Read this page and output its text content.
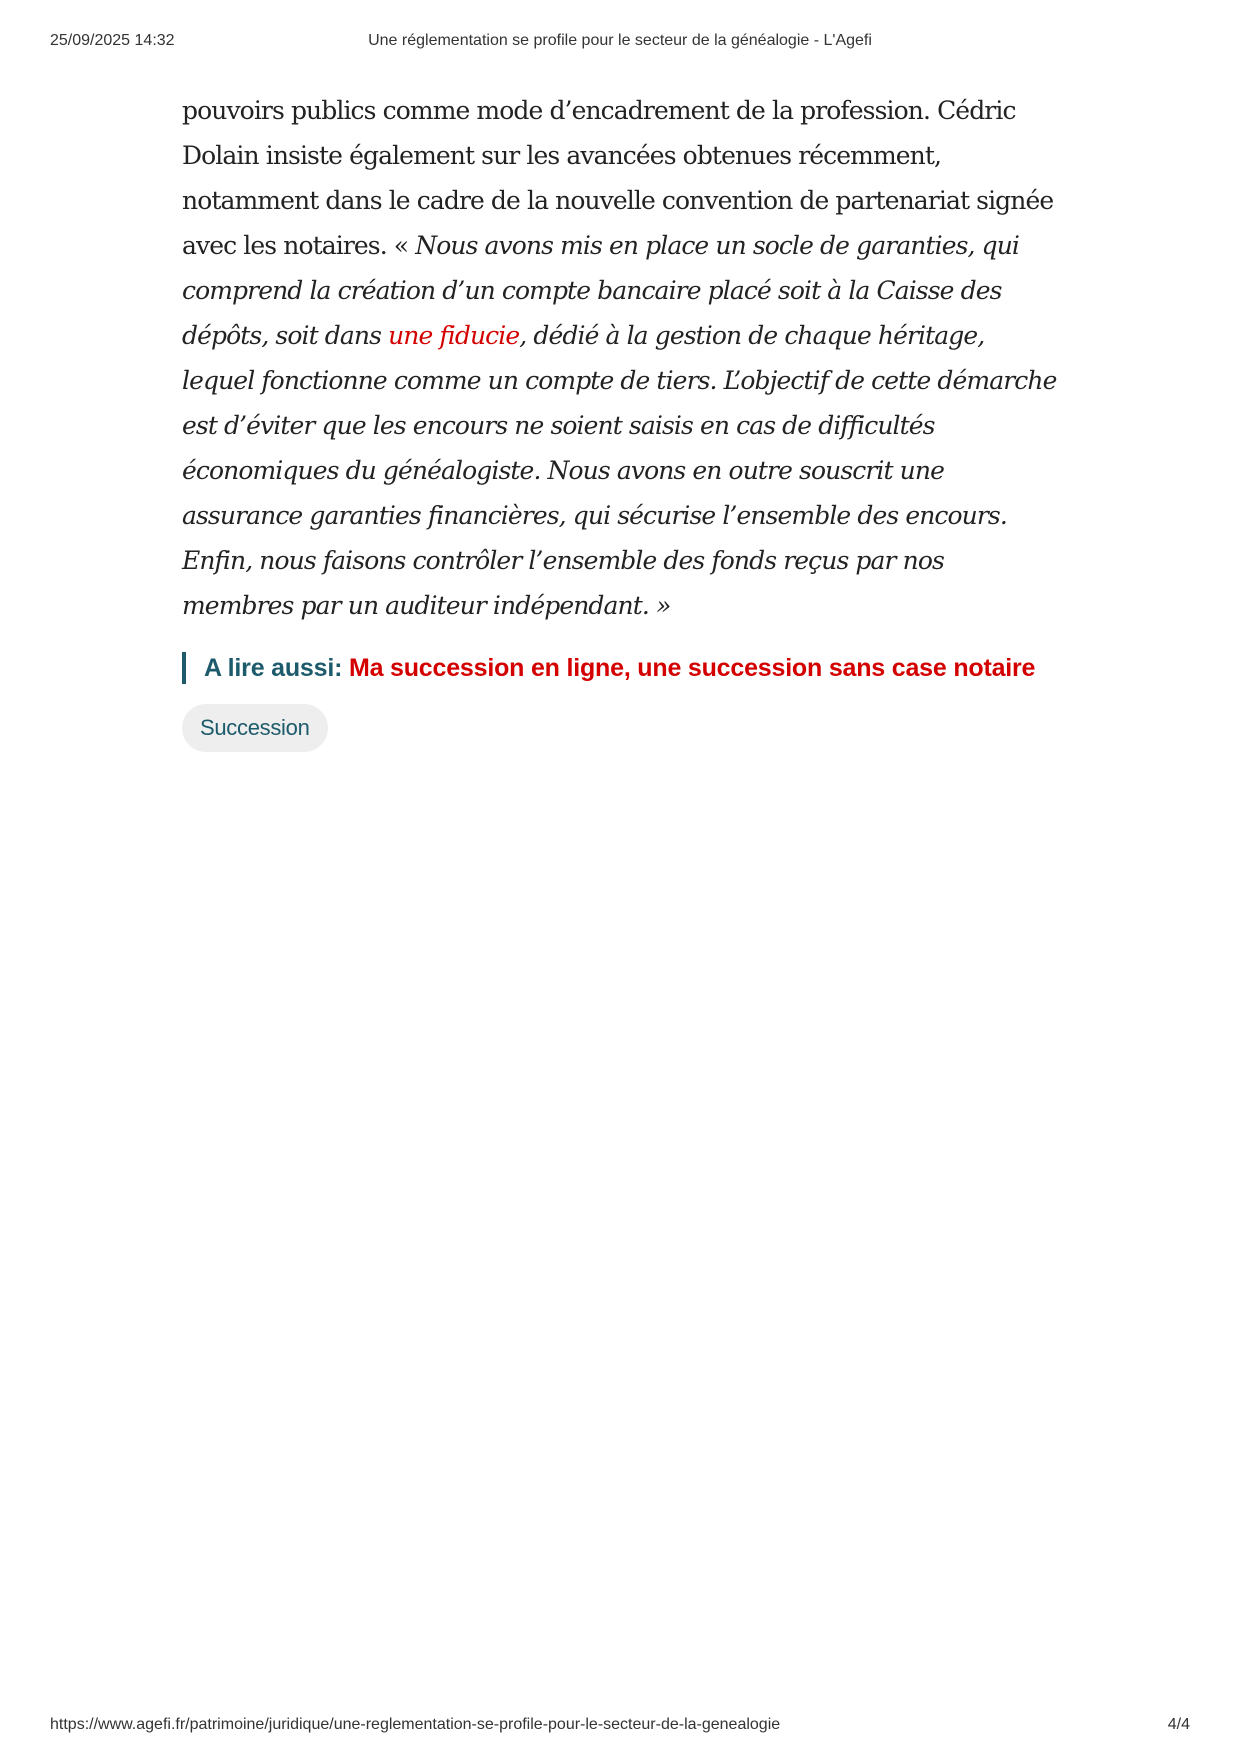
25/09/2025 14:32	Une réglementation se profile pour le secteur de la généalogie - L'Agefi

pouvoirs publics comme mode d’encadrement de la profession. Cédric Dolain insiste également sur les avancées obtenues récemment, notamment dans le cadre de la nouvelle convention de partenariat signée avec les notaires. « Nous avons mis en place un socle de garanties, qui comprend la création d’un compte bancaire placé soit à la Caisse des dépôts, soit dans une fiducie, dédié à la gestion de chaque héritage, lequel fonctionne comme un compte de tiers. L’objectif de cette démarche est d’éviter que les encours ne soient saisis en cas de difficultés économiques du généalogiste. Nous avons en outre souscrit une assurance garanties financières, qui sécurise l’ensemble des encours. Enfin, nous faisons contrôler l’ensemble des fonds reçus par nos membres par un auditeur indépendant. »

A lire aussi: Ma succession en ligne, une succession sans case notaire
Succession
https://www.agefi.fr/patrimoine/juridique/une-reglementation-se-profile-pour-le-secteur-de-la-genealogie	4/4
